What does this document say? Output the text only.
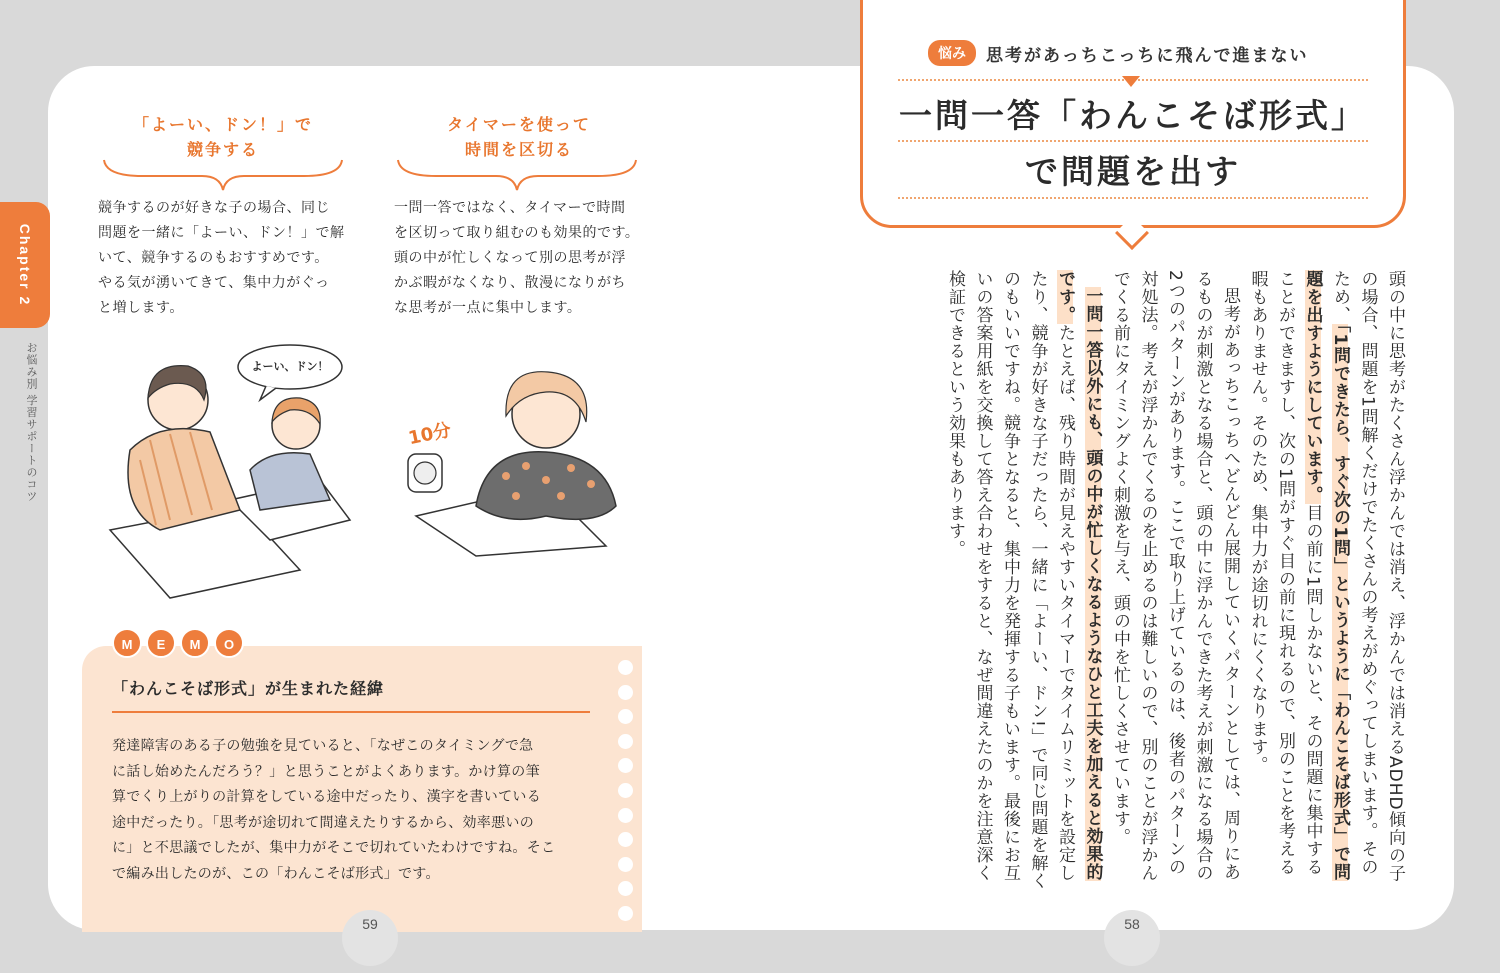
Chapter 2
お悩み別 学習サポートのコツ
「よーい、ドン！」で
競争する
競争するのが好きな子の場合、同じ
問題を一緒に「よーい、ドン！」で解
いて、競争するのもおすすめです。
やる気が湧いてきて、集中力がぐっ
と増します。
タイマーを使って
時間を区切る
一問一答ではなく、タイマーで時間
を区切って取り組むのも効果的です。
頭の中が忙しくなって別の思考が浮
かぶ暇がなくなり、散漫になりがち
な思考が一点に集中します。
よーい、ドン！
10分
M	E	M	O
「わんこそば形式」が生まれた経緯
発達障害のある子の勉強を見ていると、「なぜこのタイミングで急
に話し始めたんだろう？」と思うことがよくあります。かけ算の筆
算でくり上がりの計算をしている途中だったり、漢字を書いている
途中だったり。「思考が途切れて間違えたりするから、効率悪いの
に」と不思議でしたが、集中力がそこで切れていたわけですね。そこ
で編み出したのが、この「わんこそば形式」です。
59	58
悩み	思考があっちこっちに飛んで進まない
一問一答「わんこそば形式」
で問題を出す

頭の中に思考がたくさん浮かんでは消え、浮かんでは消えるADHD傾向の子の場合、問題を1問解くだけでたくさんの考えがめぐってしまいます。そのため、「1問できたら、すぐ次の1問」というように「わんこそば形式」で問題を出すようにしています。目の前に1問しかないと、その問題に集中することができますし、次の1問がすぐ目の前に現れるので、別のことを考える暇もありません。そのため、集中力が途切れにくくなります。

思考があっちこっちへどんどん展開していくパターンとしては、周りにあるものが刺激となる場合と、頭の中に浮かんできた考えが刺激になる場合の2つのパターンがあります。ここで取り上げているのは、後者のパターンの対処法。考えが浮かんでくるのを止めるのは難しいので、別のことが浮かんでくる前にタイミングよく刺激を与え、頭の中を忙しくさせています。

一問一答以外にも、頭の中が忙しくなるようなひと工夫を加えると効果的です。たとえば、残り時間が見えやすいタイマーでタイムリミットを設定したり、競争が好きな子だったら、一緒に「よーい、ドン!」で同じ問題を解くのもいいですね。競争となると、集中力を発揮する子もいます。最後にお互いの答案用紙を交換して答え合わせをすると、なぜ間違えたのかを注意深く検証できるという効果もあります。
